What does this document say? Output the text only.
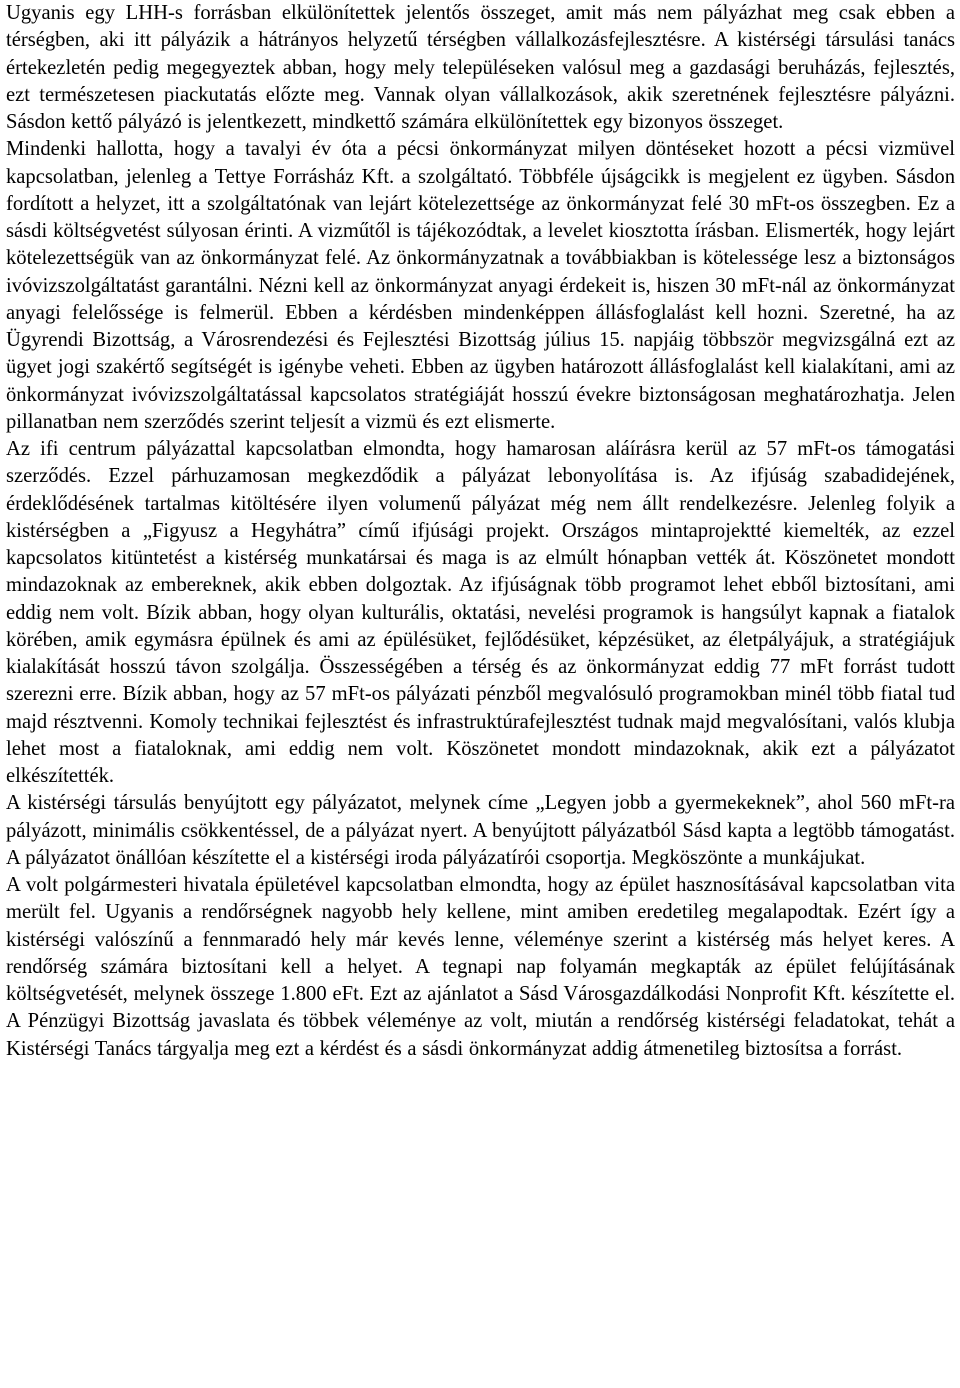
Ugyanis egy LHH-s forrásban elkülönítettek jelentős összeget, amit más nem pályázhat meg csak ebben a térségben, aki itt pályázik a hátrányos helyzetű térségben vállalkozásfejlesztésre. A kistérségi társulási tanács értekezletén pedig megegyeztek abban, hogy mely településeken valósul meg a gazdasági beruházás, fejlesztés, ezt természetesen piackutatás előzte meg. Vannak olyan vállalkozások, akik szeretnének fejlesztésre pályázni. Sásdon kettő pályázó is jelentkezett, mindkettő számára elkülönítettek egy bizonyos összeget.

Mindenki hallotta, hogy a tavalyi év óta a pécsi önkormányzat milyen döntéseket hozott a pécsi vizmüvel kapcsolatban, jelenleg a Tettye Forrásház Kft. a szolgáltató. Többféle újságcikk is megjelent ez ügyben. Sásdon fordított a helyzet, itt a szolgáltatónak van lejárt kötelezettsége az önkormányzat felé 30 mFt-os összegben. Ez a sásdi költségvetést súlyosan érinti. A vizműtől is tájékozódtak, a levelet kiosztotta írásban. Elismerték, hogy lejárt kötelezettségük van az önkormányzat felé. Az önkormányzatnak a továbbiakban is kötelessége lesz a biztonságos ivóvizszolgáltatást garantálni. Nézni kell az önkormányzat anyagi érdekeit is, hiszen 30 mFt-nál az önkormányzat anyagi felelőssége is felmerül. Ebben a kérdésben mindenképpen állásfoglalást kell hozni. Szeretné, ha az Ügyrendi Bizottság, a Városrendezési és Fejlesztési Bizottság július 15. napjáig többször megvizsgálná ezt az ügyet jogi szakértő segítségét is igénybe veheti. Ebben az ügyben határozott állásfoglalást kell kialakítani, ami az önkormányzat ivóvizszolgáltatással kapcsolatos stratégiáját hosszú évekre biztonságosan meghatározhatja. Jelen pillanatban nem szerződés szerint teljesít a vizmü és ezt elismerte.

Az ifi centrum pályázattal kapcsolatban elmondta, hogy hamarosan aláírásra kerül az 57 mFt-os támogatási szerződés. Ezzel párhuzamosan megkezdődik a pályázat lebonyolítása is. Az ifjúság szabadidejének, érdeklődésének tartalmas kitöltésére ilyen volumenű pályázat még nem állt rendelkezésre. Jelenleg folyik a kistérségben a „Figyusz a Hegyhátra” című ifjúsági projekt. Országos mintaprojektté kiemelték, az ezzel kapcsolatos kitüntetést a kistérség munkatársai és maga is az elmúlt hónapban vették át. Köszönetet mondott mindazoknak az embereknek, akik ebben dolgoztak. Az ifjúságnak több programot lehet ebből biztosítani, ami eddig nem volt. Bízik abban, hogy olyan kulturális, oktatási, nevelési programok is hangsúlyt kapnak a fiatalok körében, amik egymásra épülnek és ami az épülésüket, fejlődésüket, képzésüket, az életpályájuk, a stratégiájuk kialakítását hosszú távon szolgálja. Összességében a térség és az önkormányzat eddig 77 mFt forrást tudott szerezni erre. Bízik abban, hogy az 57 mFt-os pályázati pénzből megvalósuló programokban minél több fiatal tud majd résztvenni. Komoly technikai fejlesztést és infrastruktúrafejlesztést tudnak majd megvalósítani, valós klubja lehet most a fiataloknak, ami eddig nem volt. Köszönetet mondott mindazoknak, akik ezt a pályázatot elkészítették.

A kistérségi társulás benyújtott egy pályázatot, melynek címe „Legyen jobb a gyermekeknek”, ahol 560 mFt-ra pályázott, minimális csökkentéssel, de a pályázat nyert. A benyújtott pályázatból Sásd kapta a legtöbb támogatást. A pályázatot önállóan készítette el a kistérségi iroda pályázatírói csoportja. Megköszönte a munkájukat.

A volt polgármesteri hivatala épületével kapcsolatban elmondta, hogy az épület hasznosításával kapcsolatban vita merült fel. Ugyanis a rendőrségnek nagyobb hely kellene, mint amiben eredetileg megalapodtak. Ezért így a kistérségi valószínű a fennmaradó hely már kevés lenne, véleménye szerint a kistérség más helyet keres. A rendőrség számára biztosítani kell a helyet. A tegnapi nap folyamán megkapták az épület felújításának költségvetését, melynek összege 1.800 eFt. Ezt az ajánlatot a Sásd Városgazdálkodási Nonprofit Kft. készítette el. A Pénzügyi Bizottság javaslata és többek véleménye az volt, miután a rendőrség kistérségi feladatokat, tehát a Kistérségi Tanács tárgyalja meg ezt a kérdést és a sásdi önkormányzat addig átmenetileg biztosítsa a forrást.
